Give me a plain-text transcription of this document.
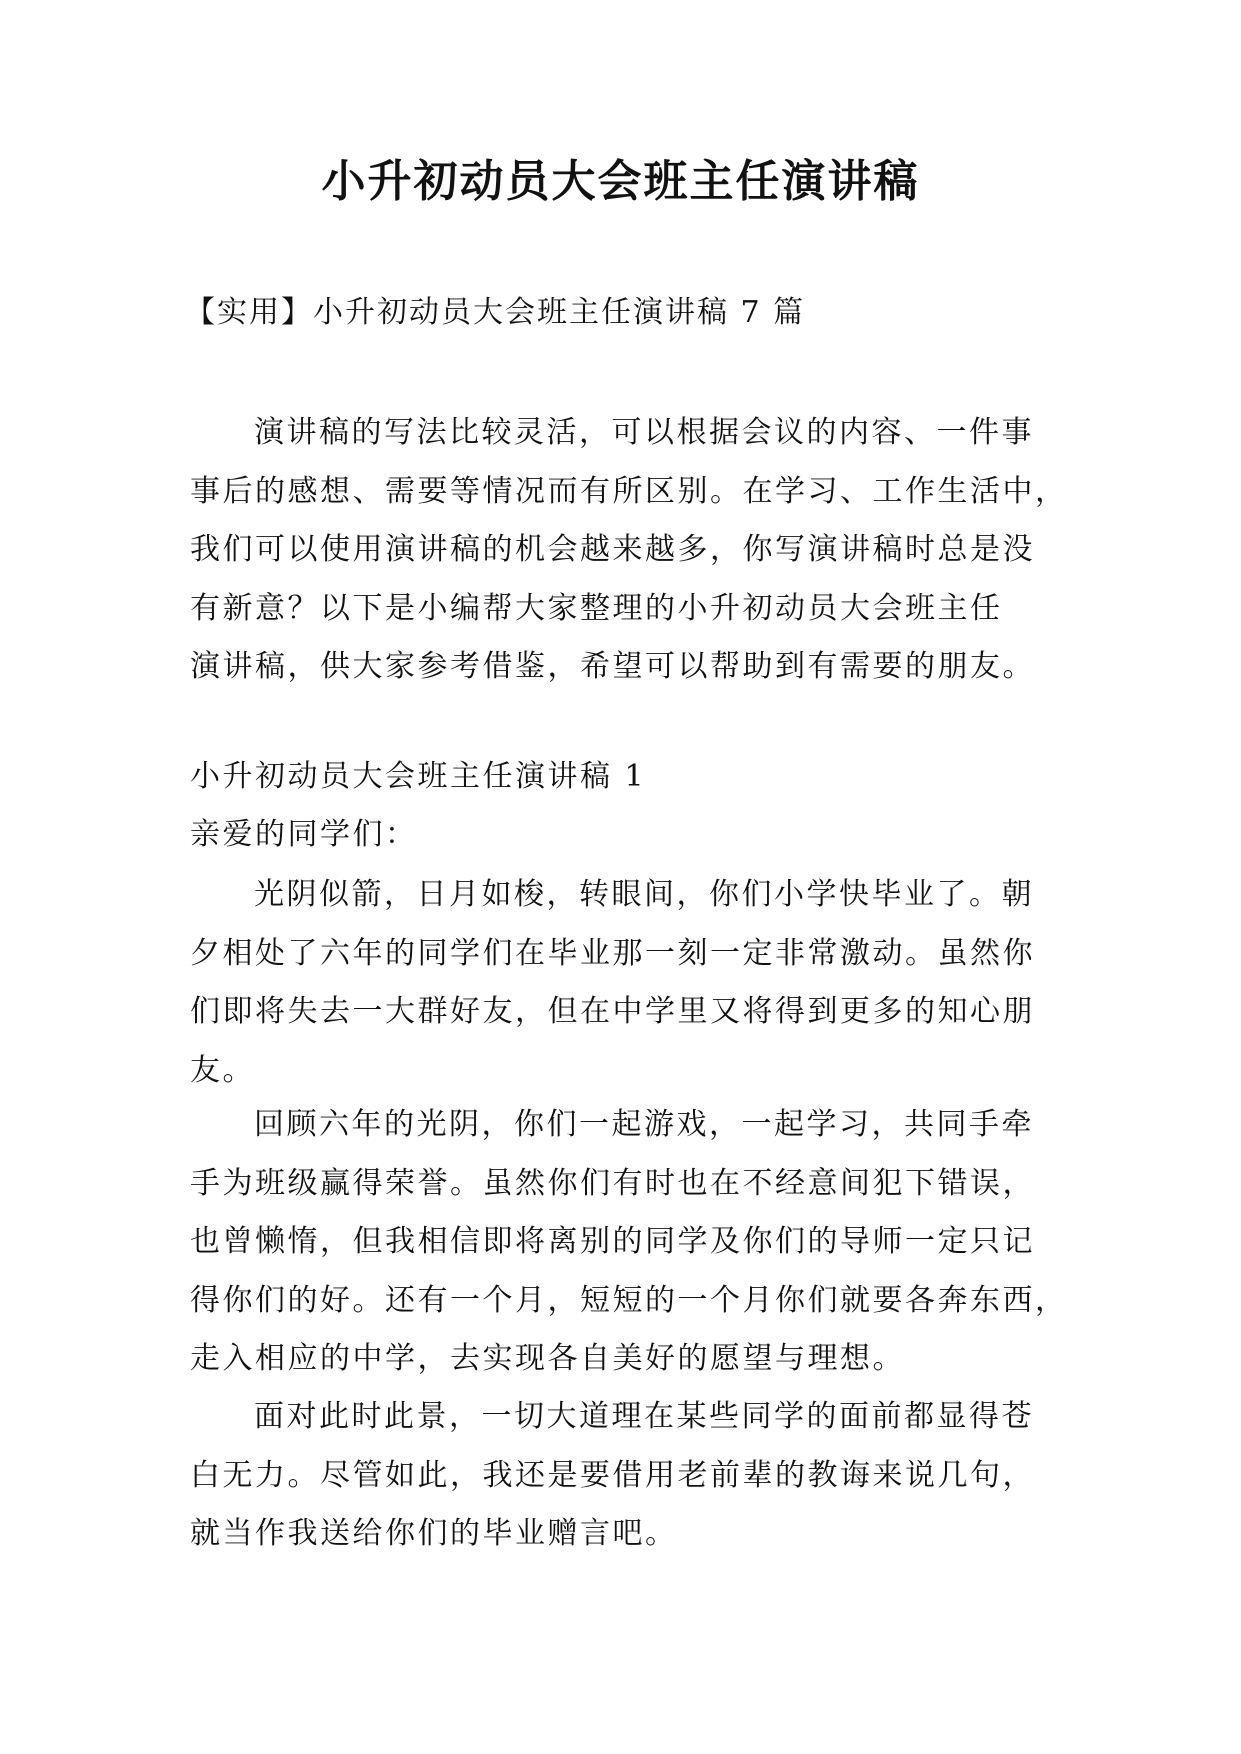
小升初动员大会班主任演讲稿

【实用】小升初动员大会班主任演讲稿 7 篇

演讲稿的写法比较灵活，可以根据会议的内容、一件事
事后的感想、需要等情况而有所区别。在学习、工作生活中，
我们可以使用演讲稿的机会越来越多，你写演讲稿时总是没
有新意？以下是小编帮大家整理的小升初动员大会班主任
演讲稿，供大家参考借鉴，希望可以帮助到有需要的朋友。

小升初动员大会班主任演讲稿 1

亲爱的同学们：

光阴似箭，日月如梭，转眼间，你们小学快毕业了。朝
夕相处了六年的同学们在毕业那一刻一定非常激动。虽然你
们即将失去一大群好友，但在中学里又将得到更多的知心朋
友。
回顾六年的光阴，你们一起游戏，一起学习，共同手牵
手为班级赢得荣誉。虽然你们有时也在不经意间犯下错误，
也曾懒惰，但我相信即将离别的同学及你们的导师一定只记
得你们的好。还有一个月，短短的一个月你们就要各奔东西，
走入相应的中学，去实现各自美好的愿望与理想。
面对此时此景，一切大道理在某些同学的面前都显得苍
白无力。尽管如此，我还是要借用老前辈的教诲来说几句，
就当作我送给你们的毕业赠言吧。
